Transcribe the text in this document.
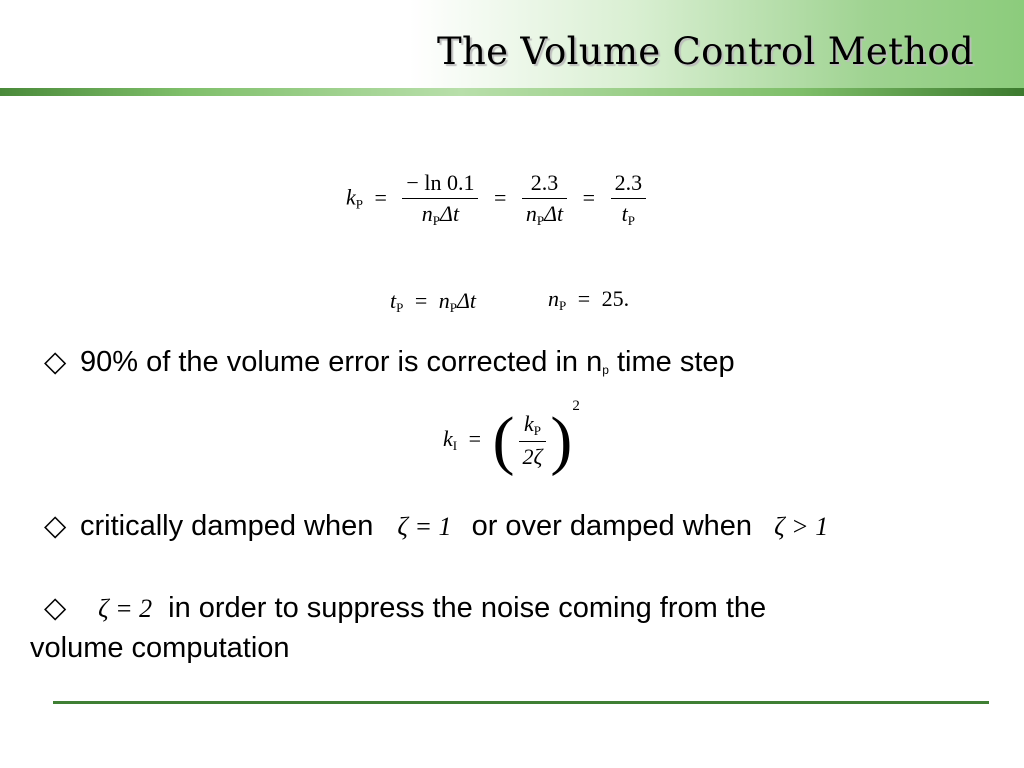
The Volume Control Method
$k_P = \frac{- \ln 0.1}{n_P\Delta t} = \frac{2.3}{n_P\Delta t} = \frac{2.3}{t_P}$
$t_P = n_P\Delta t$	$n_P = 25$.
◇ 90% of the volume error is corrected in $n_p$ time step
$k_I$ = ( $\frac{k_P}{2\zeta} )^2$
◇ critically damped when ζ = 1 or over damped when ζ > 1
◇ ζ = 2 in order to suppress the noise coming from the
volume computation
